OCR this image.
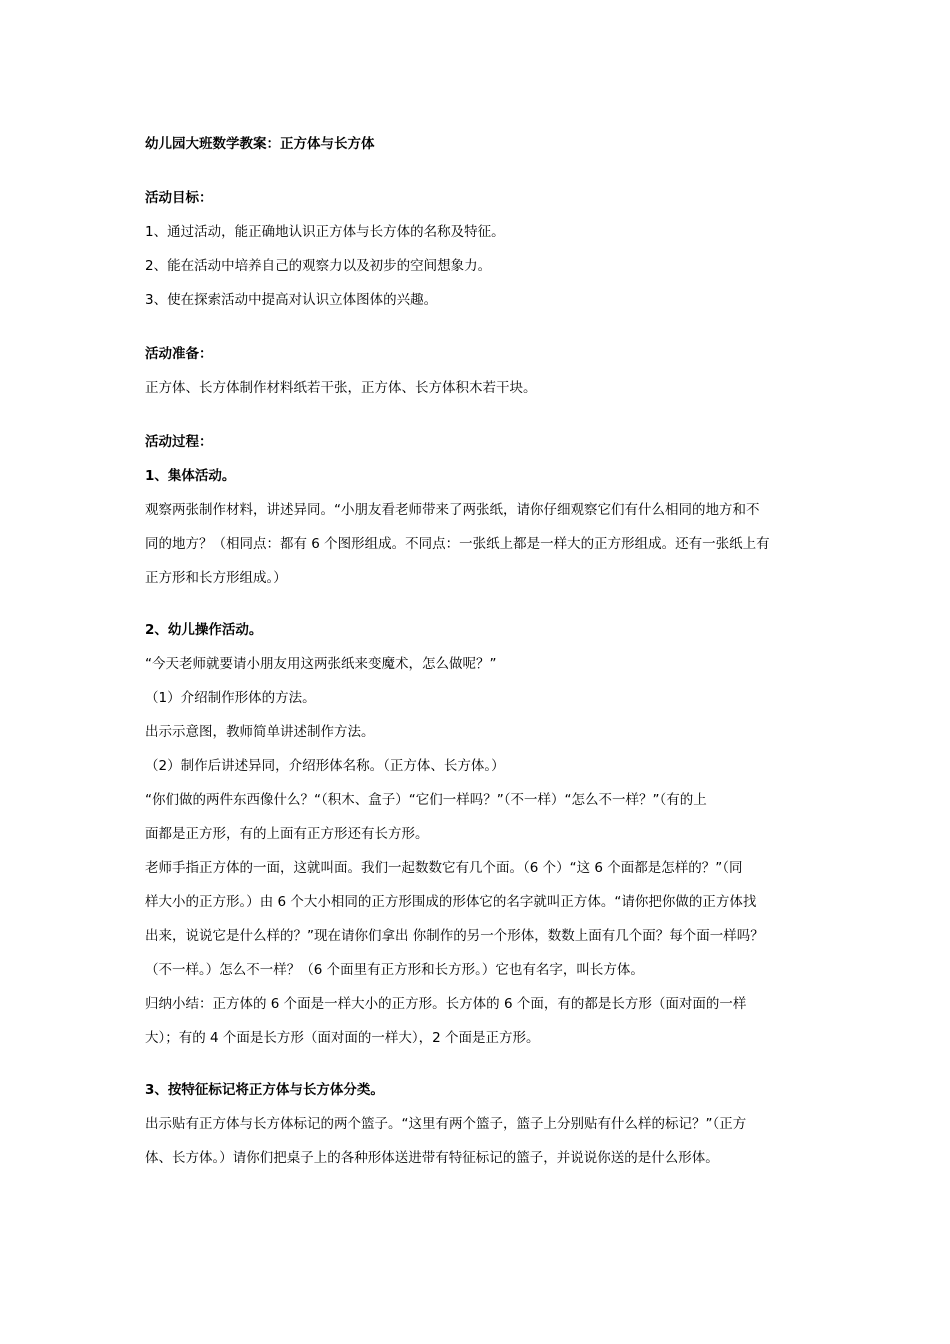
幼儿园大班数学教案：正方体与长方体
活动目标：
1、通过活动，能正确地认识正方体与长方体的名称及特征。
2、能在活动中培养自己的观察力以及初步的空间想象力。
3、使在探索活动中提高对认识立体图体的兴趣。
活动准备：
正方体、长方体制作材料纸若干张，正方体、长方体积木若干块。
活动过程：
1、集体活动。
观察两张制作材料，讲述异同。“小朋友看老师带来了两张纸，请你仔细观察它们有什么相同的地方和不
同的地方？（相同点：都有 6 个图形组成。不同点：一张纸上都是一样大的正方形组成。还有一张纸上有
正方形和长方形组成。）
2、幼儿操作活动。
“今天老师就要请小朋友用这两张纸来变魔术，怎么做呢？”
（1）介绍制作形体的方法。
出示示意图，教师简单讲述制作方法。
（2）制作后讲述异同，介绍形体名称。（正方体、长方体。）
“你们做的两件东西像什么？“（积木、盒子）“它们一样吗？”（不一样）“怎么不一样？”（有的上
面都是正方形，有的上面有正方形还有长方形。
老师手指正方体的一面，这就叫面。我们一起数数它有几个面。（6 个）“这 6 个面都是怎样的？”（同
样大小的正方形。）由 6 个大小相同的正方形围成的形体它的名字就叫正方体。“请你把你做的正方体找
出来，说说它是什么样的？”现在请你们拿出 你制作的另一个形体，数数上面有几个面？每个面一样吗？
（不一样。）怎么不一样？（6 个面里有正方形和长方形。）它也有名字，叫长方体。
归纳小结：正方体的 6 个面是一样大小的正方形。长方体的 6 个面，有的都是长方形（面对面的一样
大）；有的 4 个面是长方形（面对面的一样大），2 个面是正方形。
3、按特征标记将正方体与长方体分类。
出示贴有正方体与长方体标记的两个篮子。“这里有两个篮子，篮子上分别贴有什么样的标记？”（正方
体、长方体。）请你们把桌子上的各种形体送进带有特征标记的篮子，并说说你送的是什么形体。
